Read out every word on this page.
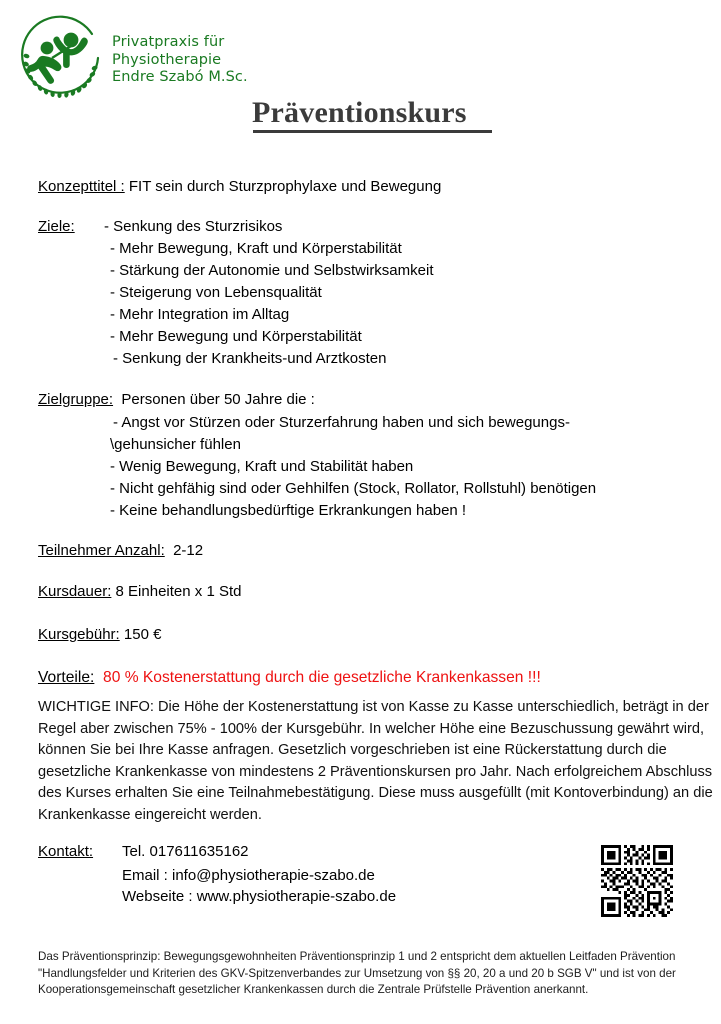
Privatpraxis für
Physiotherapie
Endre Szabó M.Sc.
Präventionskurs
Konzepttitel : FIT sein durch Sturzprophylaxe und Bewegung
Ziele: - Senkung des Sturzrisikos
- Mehr Bewegung, Kraft und Körperstabilität
- Stärkung der Autonomie und Selbstwirksamkeit
- Steigerung von Lebensqualität
- Mehr Integration im Alltag
- Mehr Bewegung und Körperstabilität
- Senkung der Krankheits-und Arztkosten
Zielgruppe: Personen über 50 Jahre die :
- Angst vor Stürzen oder Sturzerfahrung haben und sich bewegungs-
\gehunsicher fühlen
- Wenig Bewegung, Kraft und Stabilität haben
- Nicht gehfähig sind oder Gehhilfen (Stock, Rollator, Rollstuhl) benötigen
- Keine behandlungsbedürftige Erkrankungen haben !
Teilnehmer Anzahl: 2-12
Kursdauer: 8 Einheiten x 1 Std
Kursgebühr: 150 €
Vorteile: 80 % Kostenerstattung durch die gesetzliche Krankenkassen !!!
WICHTIGE INFO: Die Höhe der Kostenerstattung ist von Kasse zu Kasse unterschiedlich, beträgt in der Regel aber zwischen 75% - 100% der Kursgebühr. In welcher Höhe eine Bezuschussung gewährt wird, können Sie bei Ihre Kasse anfragen. Gesetzlich vorgeschrieben ist eine Rückerstattung durch die gesetzliche Krankenkasse von mindestens 2 Präventionskursen pro Jahr. Nach erfolgreichem Abschluss des Kurses erhalten Sie eine Teilnahmebestätigung. Diese muss ausgefüllt (mit Kontoverbindung) an die Krankenkasse eingereicht werden.
Kontakt: Tel. 017611635162
Email : info@physiotherapie-szabo.de
Webseite : www.physiotherapie-szabo.de
Das Präventionsprinzip: Bewegungsgewohnheiten Präventionsprinzip 1 und 2 entspricht dem aktuellen Leitfaden Prävention "Handlungsfelder und Kriterien des GKV-Spitzenverbandes zur Umsetzung von §§ 20, 20 a und 20 b SGB V" und ist von der Kooperationsgemeinschaft gesetzlicher Krankenkassen durch die Zentrale Prüfstelle Prävention anerkannt.
